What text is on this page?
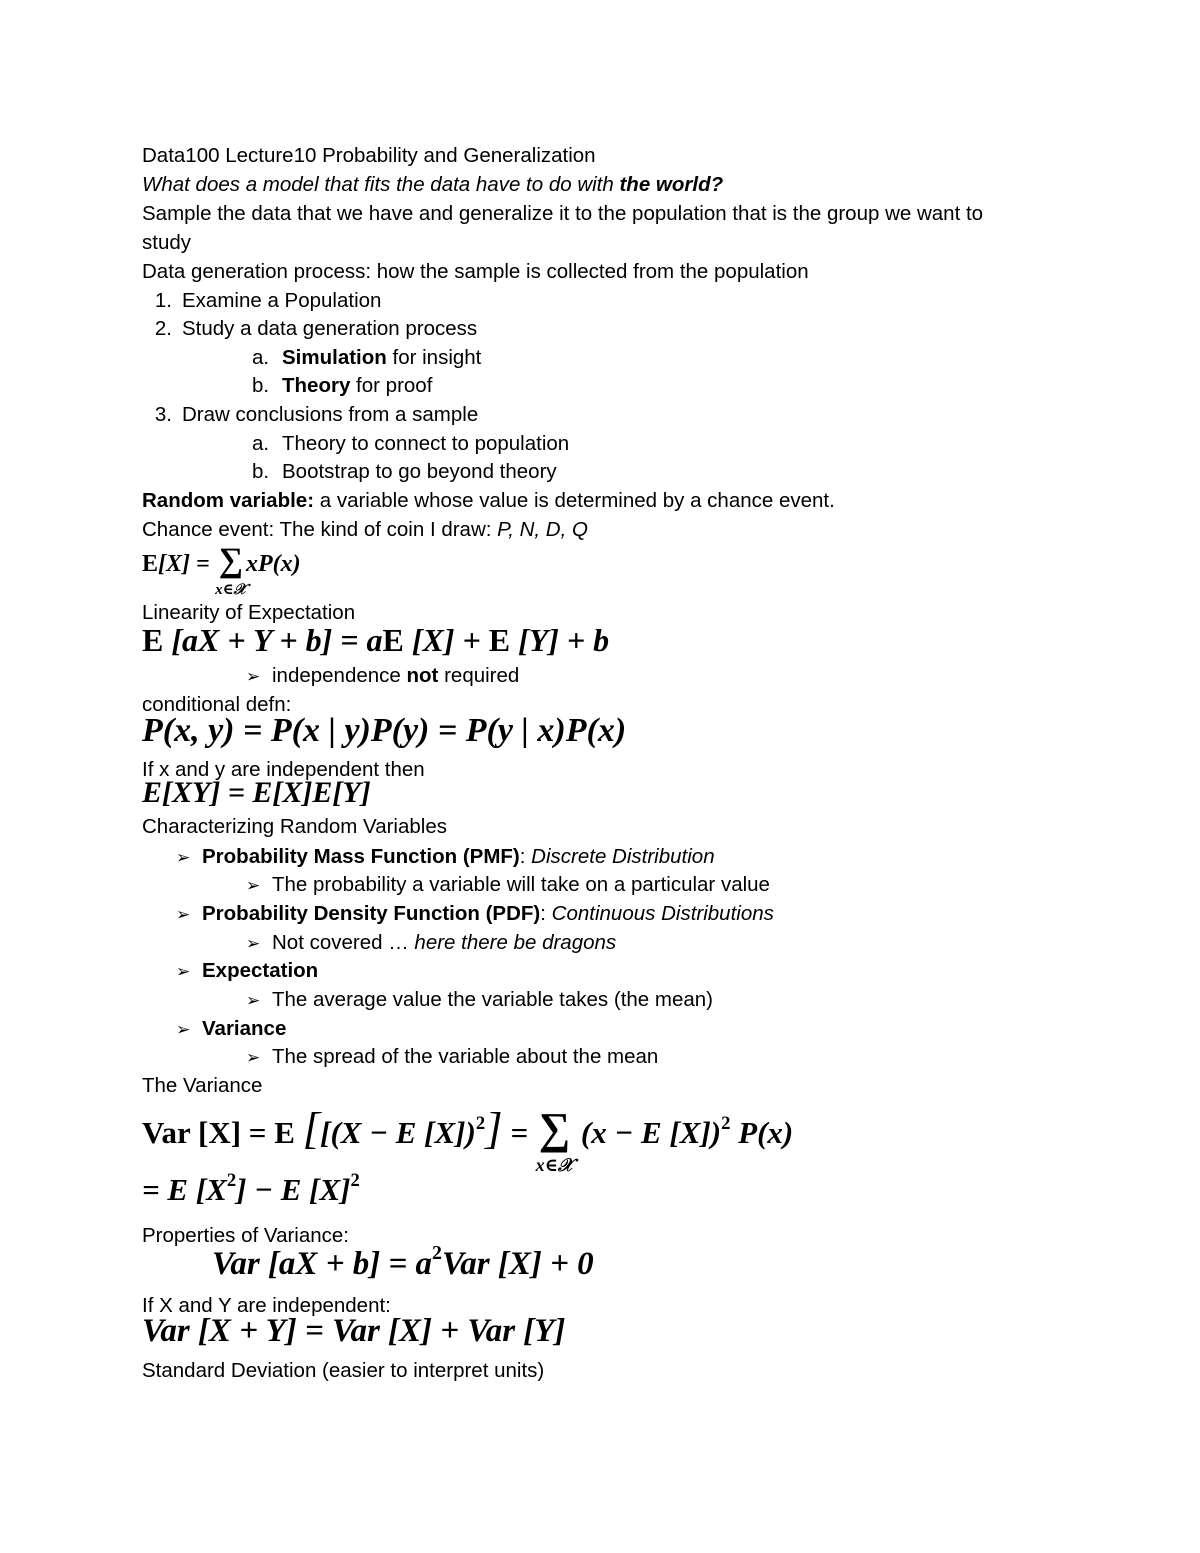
Data100 Lecture10 Probability and Generalization
What does a model that fits the data have to do with the world?
Sample the data that we have and generalize it to the population that is the group we want to
study
Data generation process: how the sample is collected from the population
1. Examine a Population
2. Study a data generation process
a. Simulation for insight
b. Theory for proof
3. Draw conclusions from a sample
a. Theory to connect to population
b. Bootstrap to go beyond theory
Random variable: a variable whose value is determined by a chance event.
Chance event: The kind of coin I draw: P, N, D, Q
E[X] = ∑
x∈𝒳
xP(x)
Linearity of Expectation
E [aX + Y + b] = aE [X] + E [Y] + b
➢ independence not required
conditional defn:
P(x, y) = P(x | y)P(y) = P(y | x)P(x)
If x and y are independent then
E[XY] = E[X]E[Y]
Characterizing Random Variables
➢ Probability Mass Function (PMF): Discrete Distribution
➢ The probability a variable will take on a particular value
➢ Probability Density Function (PDF): Continuous Distributions
➢ Not covered … here there be dragons
➢ Expectation
➢ The average value the variable takes (the mean)
➢ Variance
➢ The spread of the variable about the mean
The Variance
Var [X] = E [[(X − E [X])$^2$] = ∑
x∈𝒳
(x − E [X])$^2$ P(x)
= E $[X^2] - E$ $[X]^2$
Properties of Variance:
Var $[aX + b] = a^2Var$ [X] + 0
If X and Y are independent:
Var [X + Y] = Var [X] + Var [Y]
Standard Deviation (easier to interpret units)
